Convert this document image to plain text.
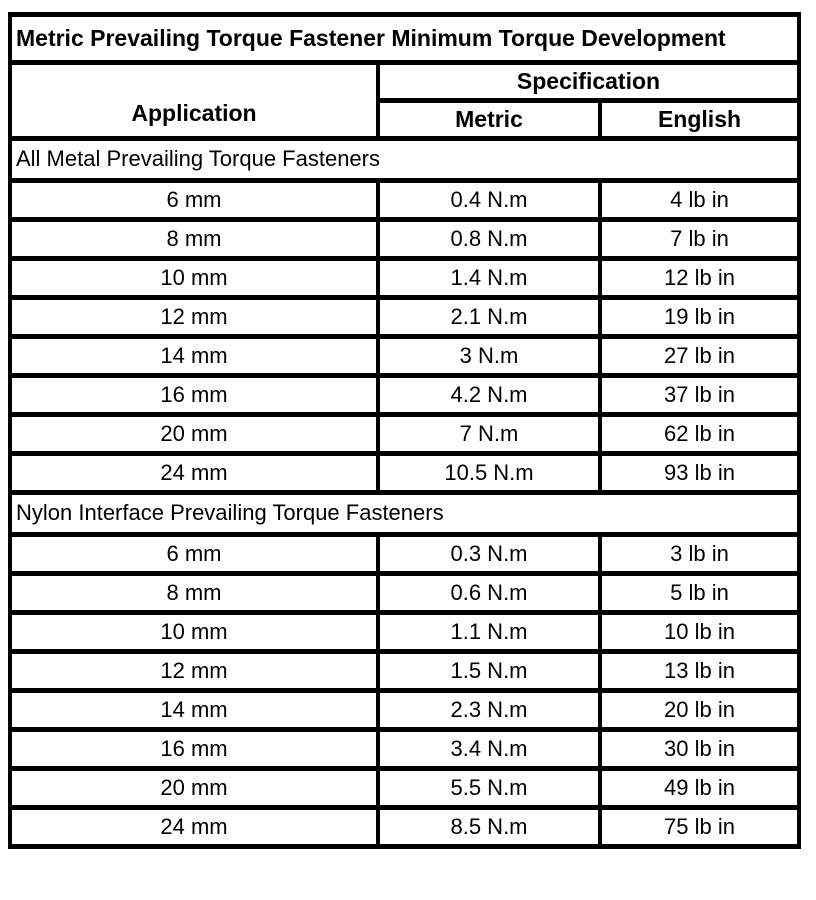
Metric Prevailing Torque Fastener Minimum Torque Development		
Application	Specification	
	Metric	English
All Metal Prevailing Torque Fasteners		
6 mm	0.4 N.m	4 lb in
8 mm	0.8 N.m	7 lb in
10 mm	1.4 N.m	12 lb in
12 mm	2.1 N.m	19 lb in
14 mm	3 N.m	27 lb in
16 mm	4.2 N.m	37 lb in
20 mm	7 N.m	62 lb in
24 mm	10.5 N.m	93 lb in
Nylon Interface Prevailing Torque Fasteners		
6 mm	0.3 N.m	3 lb in
8 mm	0.6 N.m	5 lb in
10 mm	1.1 N.m	10 lb in
12 mm	1.5 N.m	13 lb in
14 mm	2.3 N.m	20 lb in
16 mm	3.4 N.m	30 lb in
20 mm	5.5 N.m	49 lb in
24 mm	8.5 N.m	75 lb in
